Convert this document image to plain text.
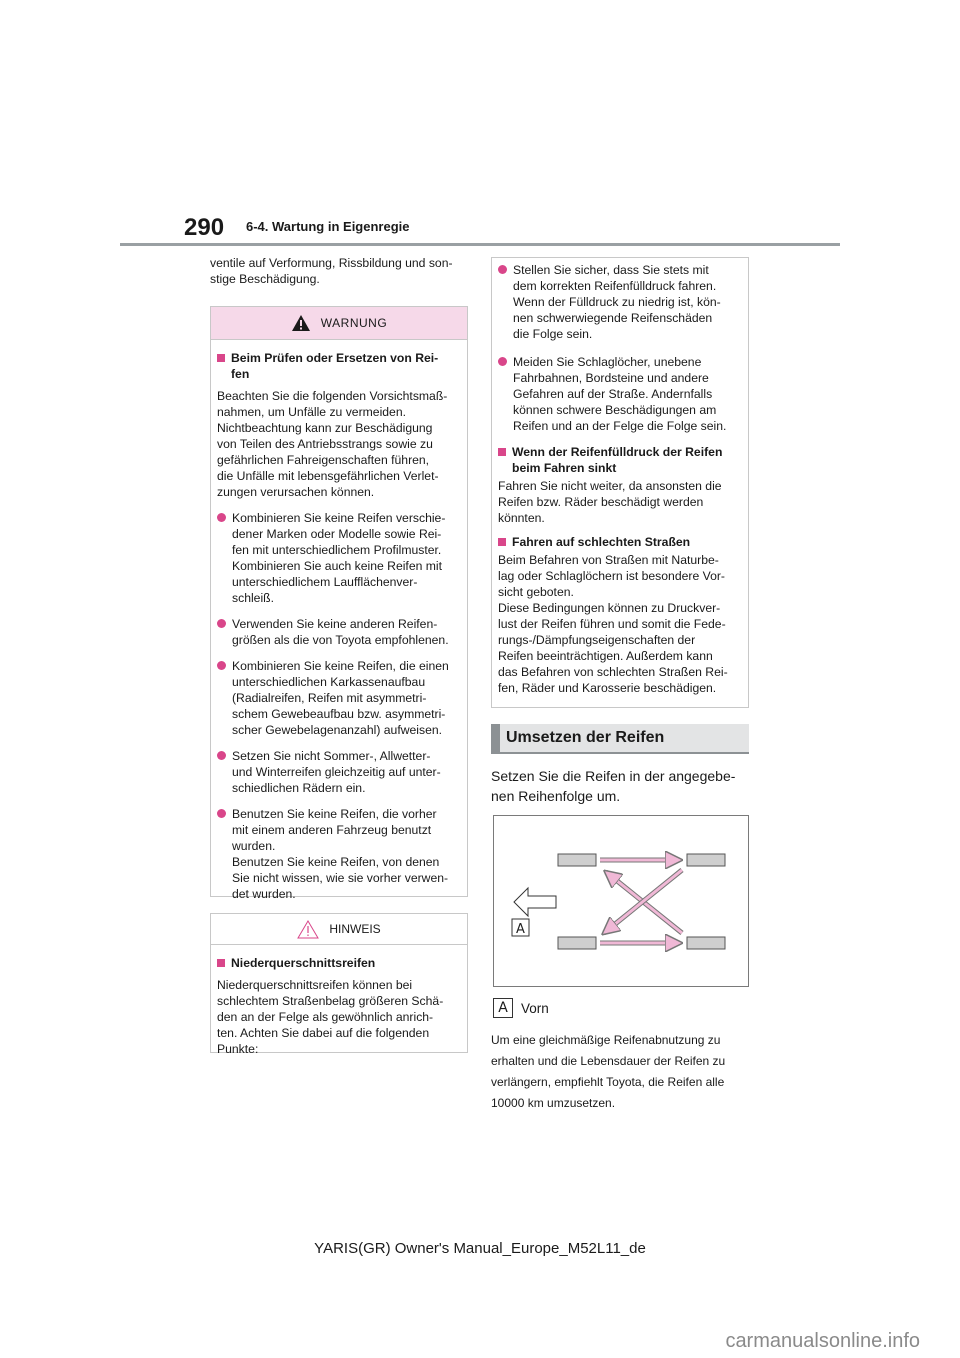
290 6-4. Wartung in Eigenregie
ventile auf Verformung, Rissbildung und son-
stige Beschädigung.
WARNUNG
Beim Prüfen oder Ersetzen von Rei-
fen
Beachten Sie die folgenden Vorsichtsmaß-
nahmen, um Unfälle zu vermeiden.
Nichtbeachtung kann zur Beschädigung
von Teilen des Antriebsstrangs sowie zu
gefährlichen Fahreigenschaften führen,
die Unfälle mit lebensgefährlichen Verlet-
zungen verursachen können.
Kombinieren Sie keine Reifen verschie-
dener Marken oder Modelle sowie Rei-
fen mit unterschiedlichem Profilmuster.
Kombinieren Sie auch keine Reifen mit
unterschiedlichem Laufflächenver-
schleiß.
Verwenden Sie keine anderen Reifen-
größen als die von Toyota empfohlenen.
Kombinieren Sie keine Reifen, die einen
unterschiedlichen Karkassenaufbau
(Radialreifen, Reifen mit asymmetri-
schem Gewebeaufbau bzw. asymmetri-
scher Gewebelagenanzahl) aufweisen.
Setzen Sie nicht Sommer-, Allwetter-
und Winterreifen gleichzeitig auf unter-
schiedlichen Rädern ein.
Benutzen Sie keine Reifen, die vorher
mit einem anderen Fahrzeug benutzt
wurden.
Benutzen Sie keine Reifen, von denen
Sie nicht wissen, wie sie vorher verwen-
det wurden.
HINWEIS
Niederquerschnittsreifen
Niederquerschnittsreifen können bei
schlechtem Straßenbelag größeren Schä-
den an der Felge als gewöhnlich anrich-
ten. Achten Sie dabei auf die folgenden
Punkte:
Stellen Sie sicher, dass Sie stets mit
dem korrekten Reifenfülldruck fahren.
Wenn der Fülldruck zu niedrig ist, kön-
nen schwerwiegende Reifenschäden
die Folge sein.
Meiden Sie Schlaglöcher, unebene
Fahrbahnen, Bordsteine und andere
Gefahren auf der Straße. Andernfalls
können schwere Beschädigungen am
Reifen und an der Felge die Folge sein.
Wenn der Reifenfülldruck der Reifen
beim Fahren sinkt
Fahren Sie nicht weiter, da ansonsten die
Reifen bzw. Räder beschädigt werden
könnten.
Fahren auf schlechten Straßen
Beim Befahren von Straßen mit Naturbe-
lag oder Schlaglöchern ist besondere Vor-
sicht geboten.
Diese Bedingungen können zu Druckver-
lust der Reifen führen und somit die Fede-
rungs-/Dämpfungseigenschaften der
Reifen beeinträchtigen. Außerdem kann
das Befahren von schlechten Straßen Rei-
fen, Räder und Karosserie beschädigen.
Umsetzen der Reifen
Setzen Sie die Reifen in der angegebe-
nen Reihenfolge um.
A
A Vorn
Um eine gleichmäßige Reifenabnutzung zu
erhalten und die Lebensdauer der Reifen zu
verlängern, empfiehlt Toyota, die Reifen alle
10000 km umzusetzen.
YARIS(GR) Owner's Manual_Europe_M52L11_de
carmanualsonline.info
